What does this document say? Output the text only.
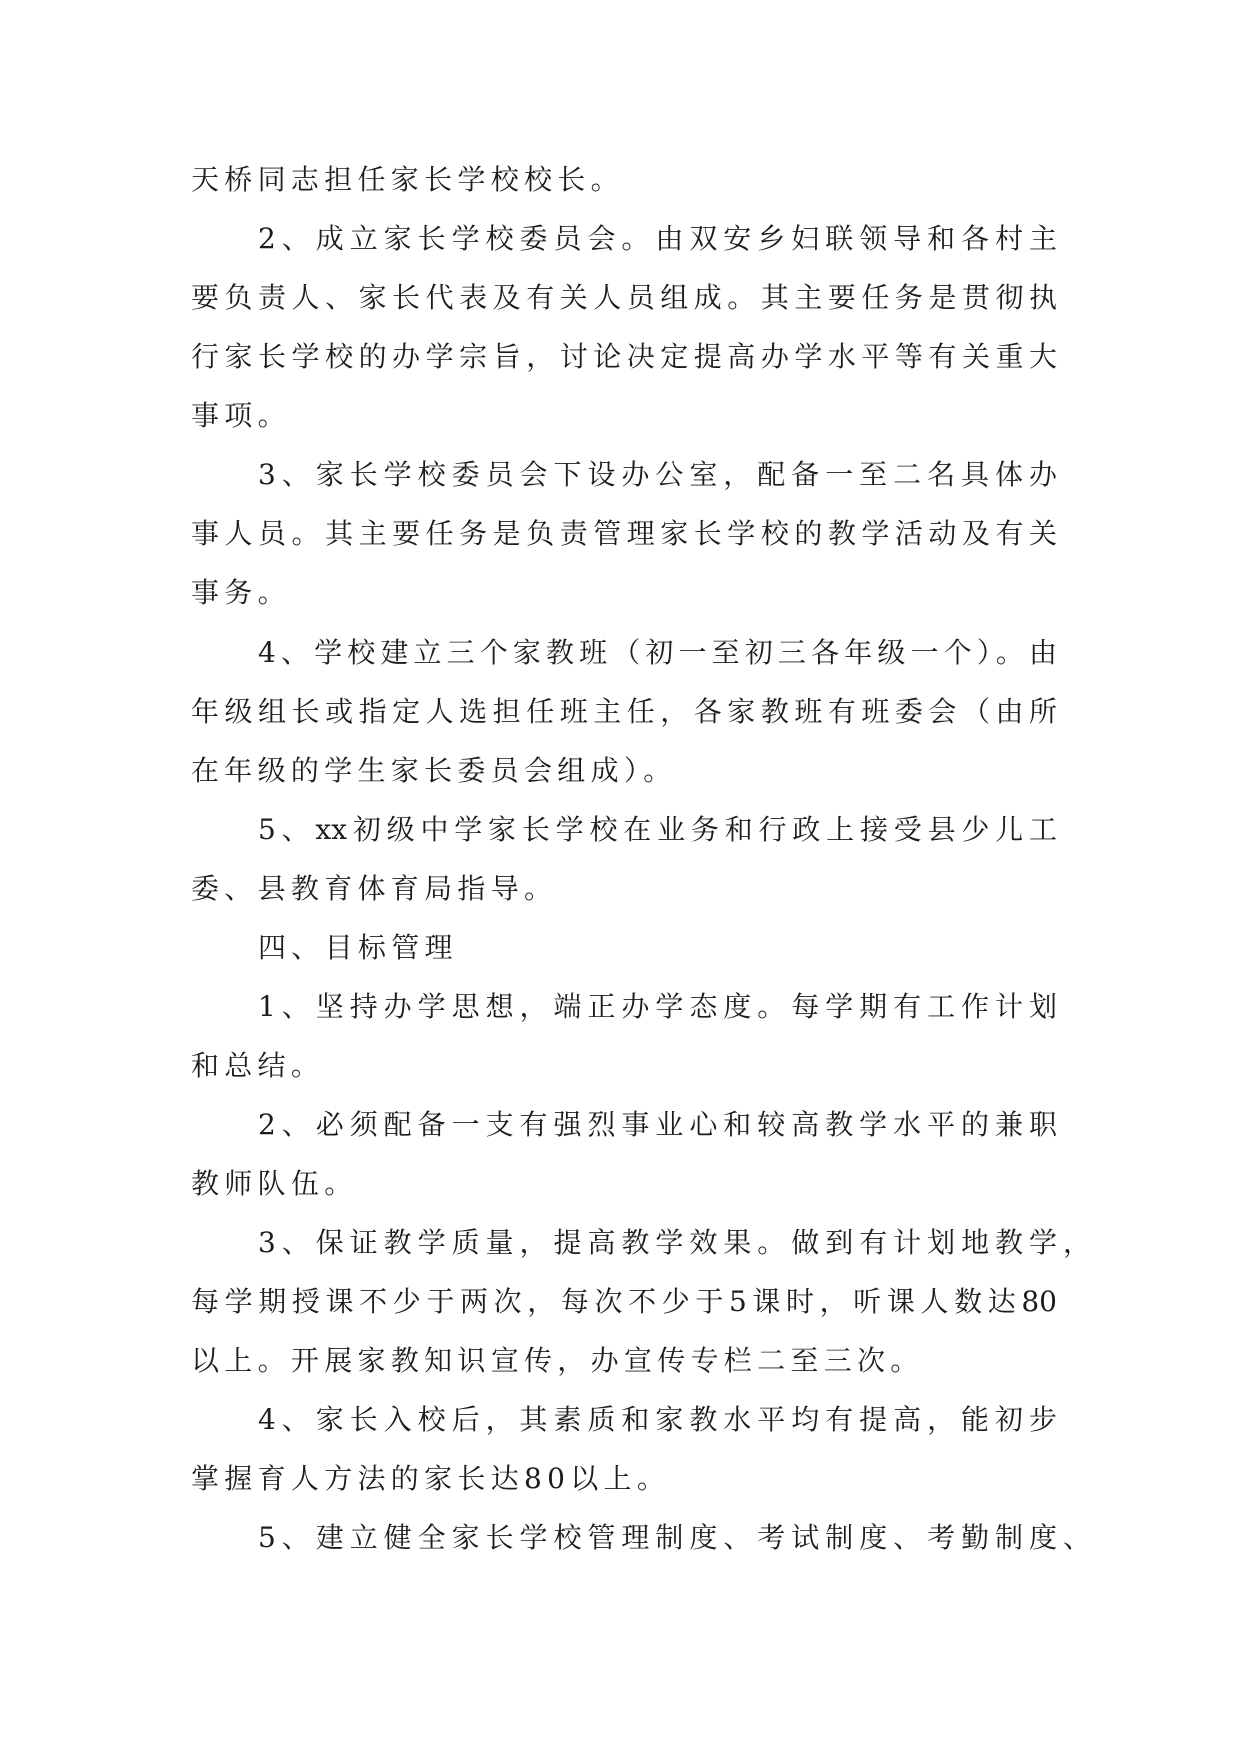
天桥同志担任家长学校校长。
2、成立家长学校委员会。由双安乡妇联领导和各村主
要负责人、家长代表及有关人员组成。其主要任务是贯彻执
行家长学校的办学宗旨，讨论决定提高办学水平等有关重大
事项。
3、家长学校委员会下设办公室，配备一至二名具体办
事人员。其主要任务是负责管理家长学校的教学活动及有关
事务。
4、学校建立三个家教班（初一至初三各年级一个）。由
年级组长或指定人选担任班主任，各家教班有班委会（由所
在年级的学生家长委员会组成）。
5、xx初级中学家长学校在业务和行政上接受县少儿工
委、县教育体育局指导。
四、目标管理
1、坚持办学思想，端正办学态度。每学期有工作计划
和总结。
2、必须配备一支有强烈事业心和较高教学水平的兼职
教师队伍。
3、保证教学质量，提高教学效果。做到有计划地教学，
每学期授课不少于两次，每次不少于5课时，听课人数达80
以上。开展家教知识宣传，办宣传专栏二至三次。
4、家长入校后，其素质和家教水平均有提高，能初步
掌握育人方法的家长达80以上。
5、建立健全家长学校管理制度、考试制度、考勤制度、
